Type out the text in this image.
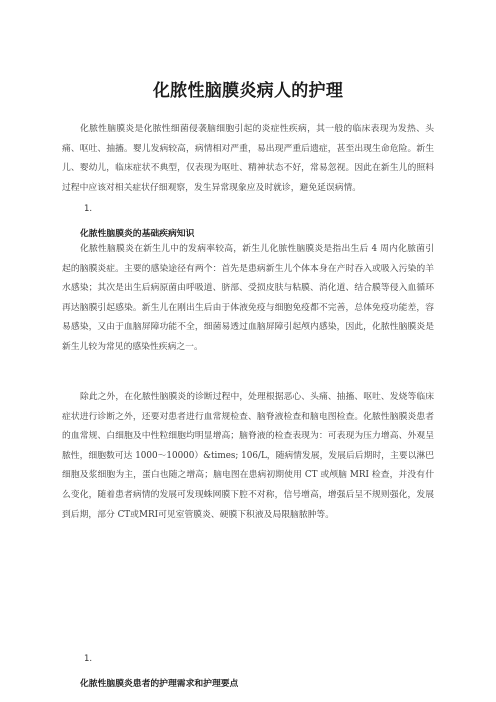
化脓性脑膜炎病人的护理

化脓性脑膜炎是化脓性细菌侵袭脑细胞引起的炎症性疾病，其一般的临床表现为发热、头痛、呕吐、抽搐。婴儿发病较高，病情相对严重，易出现严重后遗症，甚至出现生命危险。新生儿、婴幼儿，临床症状不典型，仅表现为呕吐、精神状态不好，常易忽视。因此在新生儿的照料过程中应该对相关症状仔细观察，发生异常现象应及时就诊，避免延误病情。

1.
化脓性脑膜炎的基础疾病知识

化脓性脑膜炎在新生儿中的发病率较高，新生儿化脓性脑膜炎是指出生后 4 周内化脓菌引起的脑膜炎症。主要的感染途径有两个：首先是患病新生儿个体本身在产时吞入或吸入污染的羊水感染；其次是出生后病原菌由呼吸道、脐部、受损皮肤与粘膜、消化道、结合膜等侵入血循环再达脑膜引起感染。新生儿在刚出生后由于体液免疫与细胞免疫都不完善，总体免疫功能差，容易感染，又由于血脑屏障功能不全，细菌易透过血脑屏障引起颅内感染，因此，化脓性脑膜炎是新生儿较为常见的感染性疾病之一。

除此之外，在化脓性脑膜炎的诊断过程中，处理根据恶心、头痛、抽搐、呕吐、发烧等临床症状进行诊断之外，还要对患者进行血常规检查、脑脊液检查和脑电图检查。化脓性脑膜炎患者的血常规、白细胞及中性粒细胞均明显增高；脑脊液的检查表现为：可表现为压力增高、外观呈脓性，细胞数可达 1000～10000）&times; 106/L，随病情发展，发展后后期时，主要以淋巴细胞及浆细胞为主，蛋白也随之增高；脑电图在患病初期使用 CT 或颅脑 MRI 检查，并没有什么变化，随着患者病情的发展可发现蛛网膜下腔不对称，信号增高，增强后呈不规则强化，发展到后期，部分 CT或MRI可见室管膜炎、硬膜下积液及局限脑脓肿等。

1.
化脓性脑膜炎患者的护理需求和护理要点
